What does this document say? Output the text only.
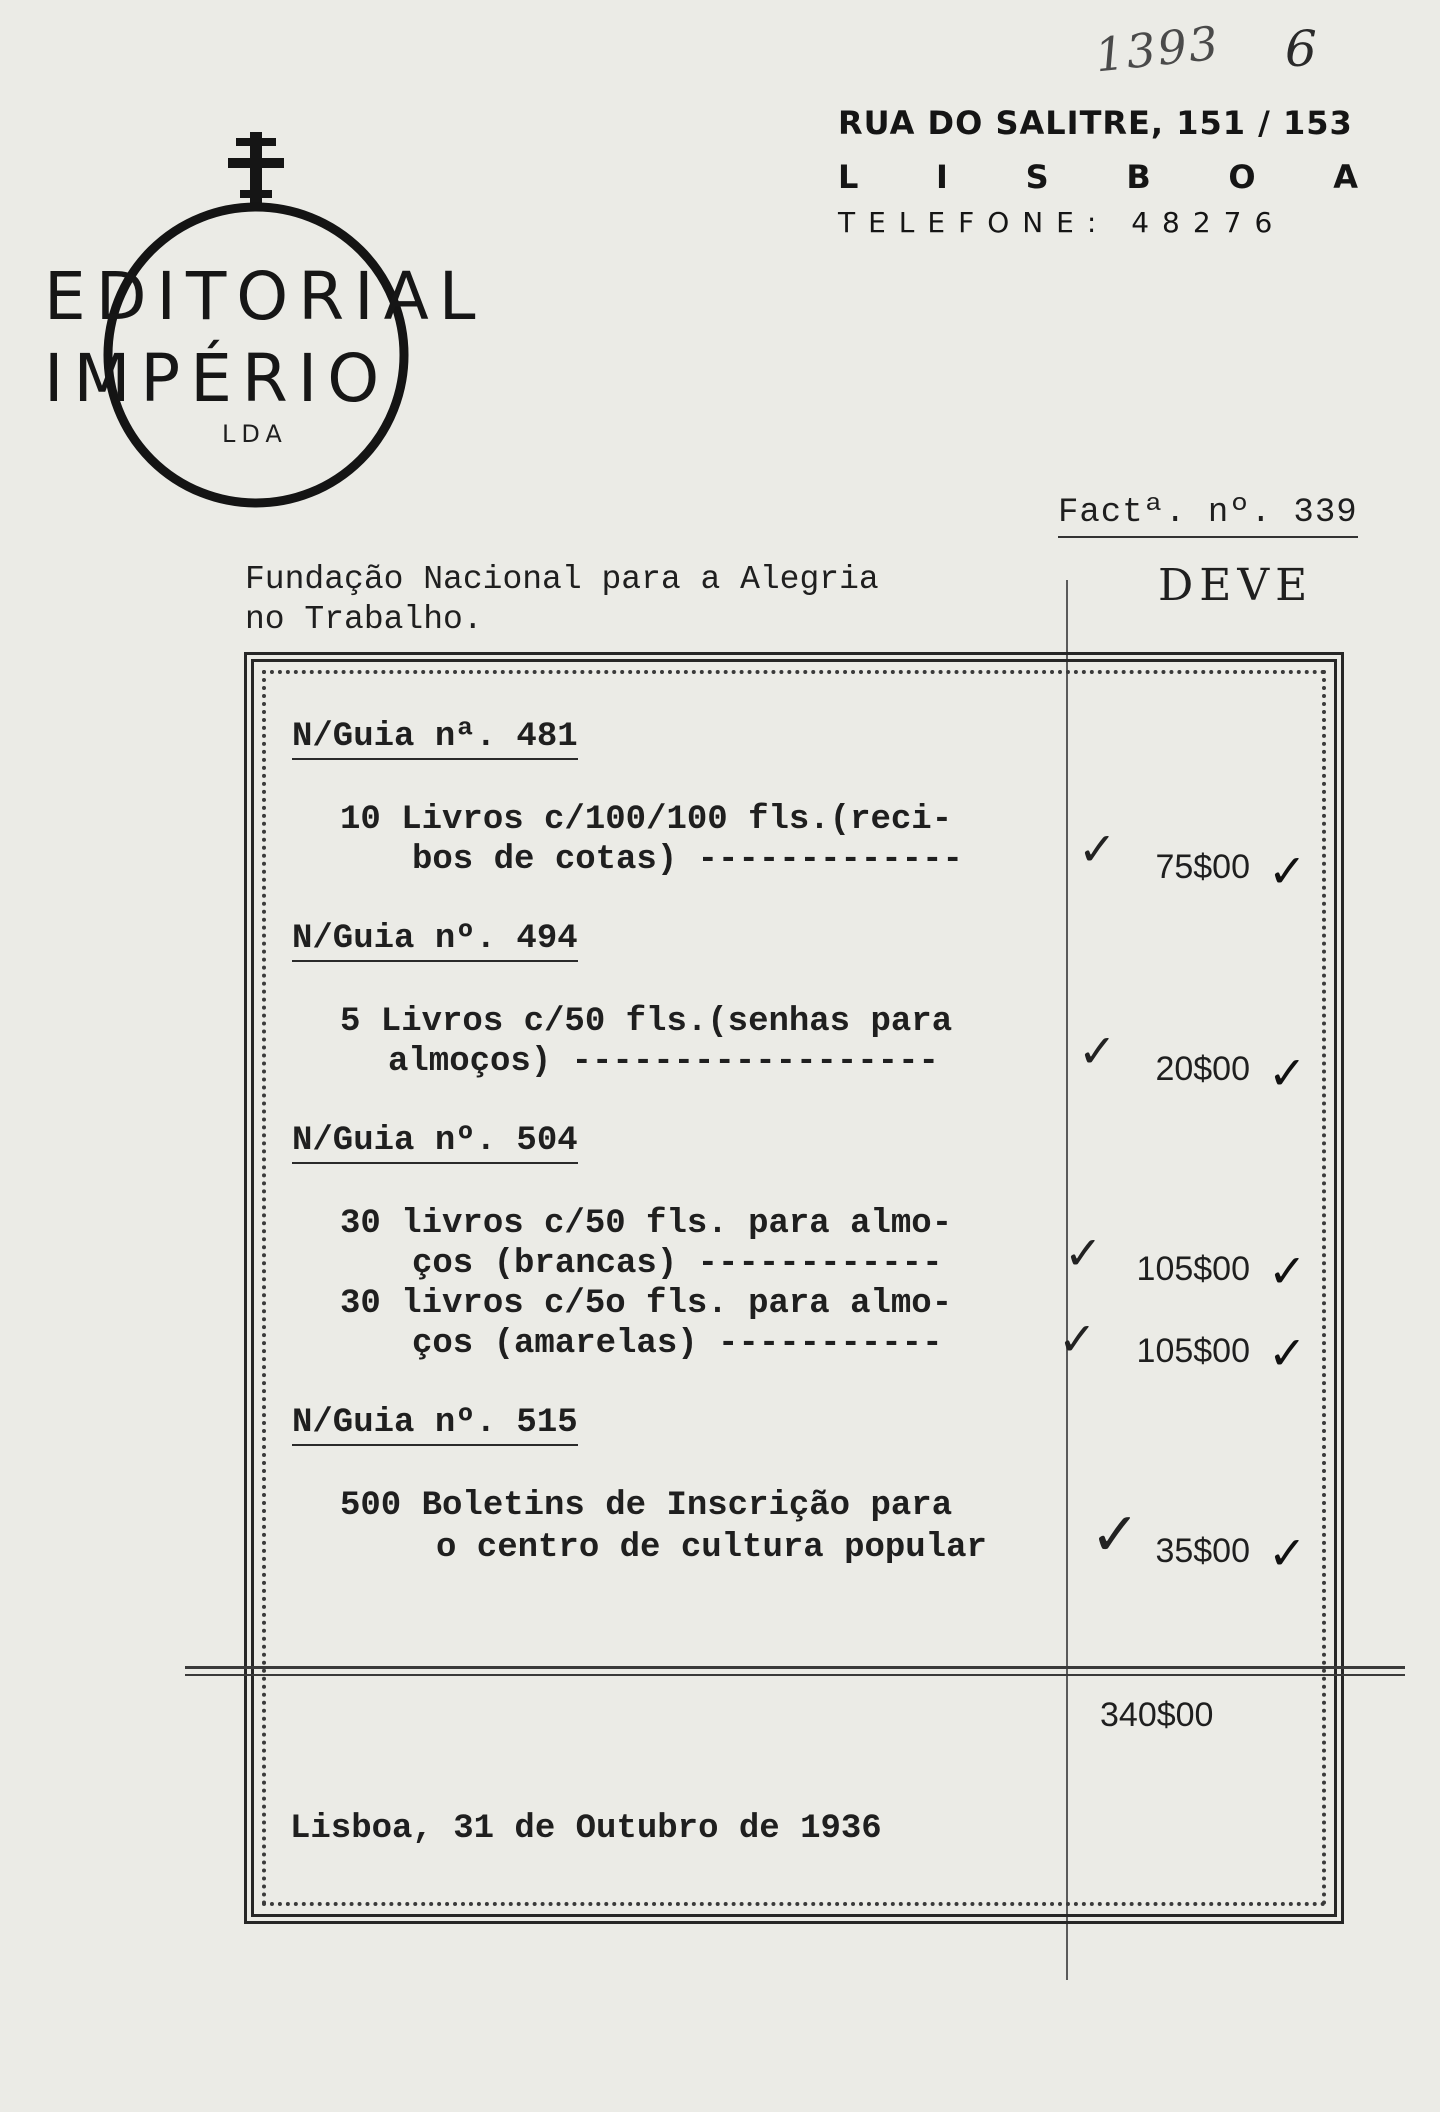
1393 6
RUA DO SALITRE, 151 / 153
L I S B O A
TELEFONE: 48276
EDITORIAL
IMPÉRIO
LDA
Factª. nº. 339
Fundação Nacional para a Alegria
no Trabalho.
DEVE
N/Guia nª. 481
10 Livros c/100/100 fls.(reci-
bos de cotas) -------------	✓	75$00 ✓
N/Guia nº. 494
5 Livros c/50 fls.(senhas para
almoços) ------------------	✓	20$00 ✓
N/Guia nº. 504
30 livros c/50 fls. para almo-
ços (brancas) ------------	✓ 105$00 ✓
30 livros c/5o fls. para almo-
ços (amarelas) -----------	✓	105$00 ✓
N/Guia nº. 515
500 Boletins de Inscrição para
o centro de cultura popular ✓ 35$00 ✓
340$00
Lisboa, 31 de Outubro de 1936
